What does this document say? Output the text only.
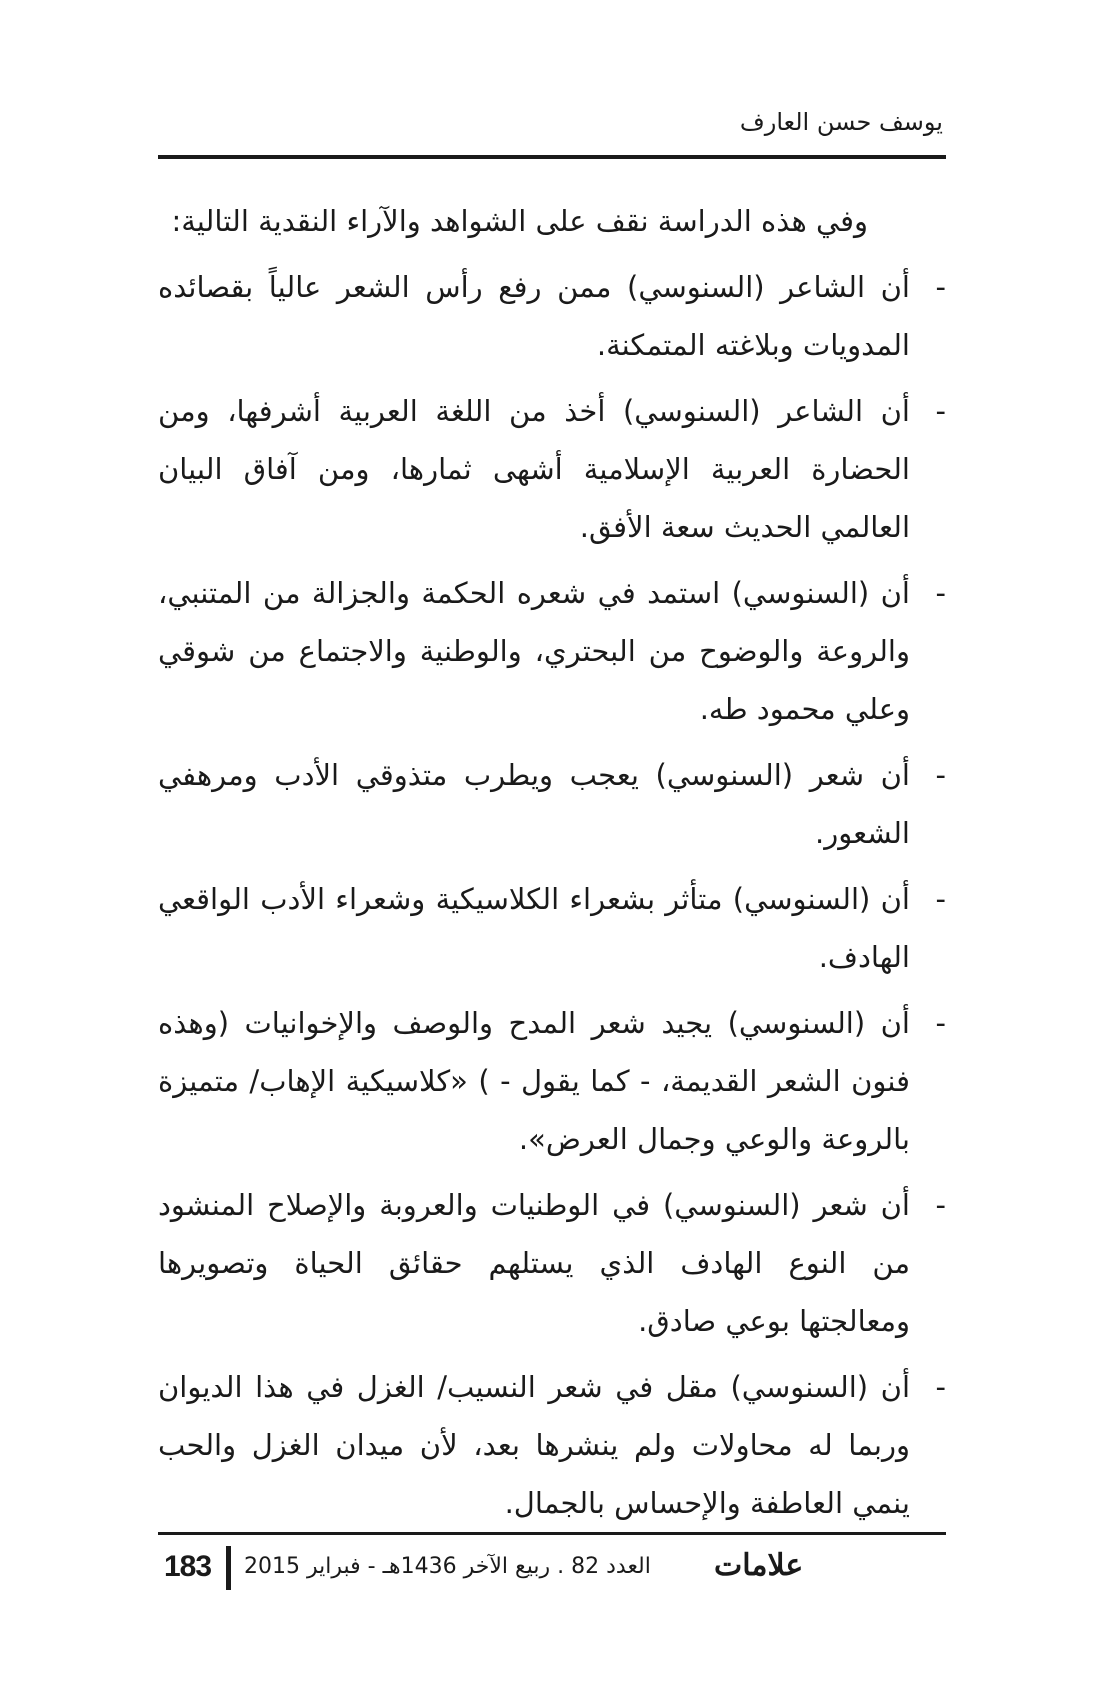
يوسف حسن العارف

وفي هذه الدراسة نقف على الشواهد والآراء النقدية التالية:

-
أن الشاعر (السنوسي) ممن رفع رأس الشعر عالياً بقصائده المدويات وبلاغته المتمكنة.
-
أن الشاعر (السنوسي) أخذ من اللغة العربية أشرفها، ومن الحضارة العربية الإسلامية أشهى ثمارها، ومن آفاق البيان العالمي الحديث سعة الأفق.
-
أن (السنوسي) استمد في شعره الحكمة والجزالة من المتنبي، والروعة والوضوح من البحتري، والوطنية والاجتماع من شوقي وعلي محمود طه.
-
أن شعر (السنوسي) يعجب ويطرب متذوقي الأدب ومرهفي الشعور.
-
أن (السنوسي) متأثر بشعراء الكلاسيكية وشعراء الأدب الواقعي الهادف.
-
أن (السنوسي) يجيد شعر المدح والوصف والإخوانيات (وهذه فنون الشعر القديمة، - كما يقول - ) «كلاسيكية الإهاب/ متميزة بالروعة والوعي وجمال العرض».
-
أن شعر (السنوسي) في الوطنيات والعروبة والإصلاح المنشود من النوع الهادف الذي يستلهم حقائق الحياة وتصويرها ومعالجتها بوعي صادق.
-
أن (السنوسي) مقل في شعر النسيب/ الغزل في هذا الديوان وربما له محاولات ولم ينشرها بعد، لأن ميدان الغزل والحب ينمي العاطفة والإحساس بالجمال.
183 العدد 82 . ربيع الآخر 1436هـ - فبراير 2015 علامات
